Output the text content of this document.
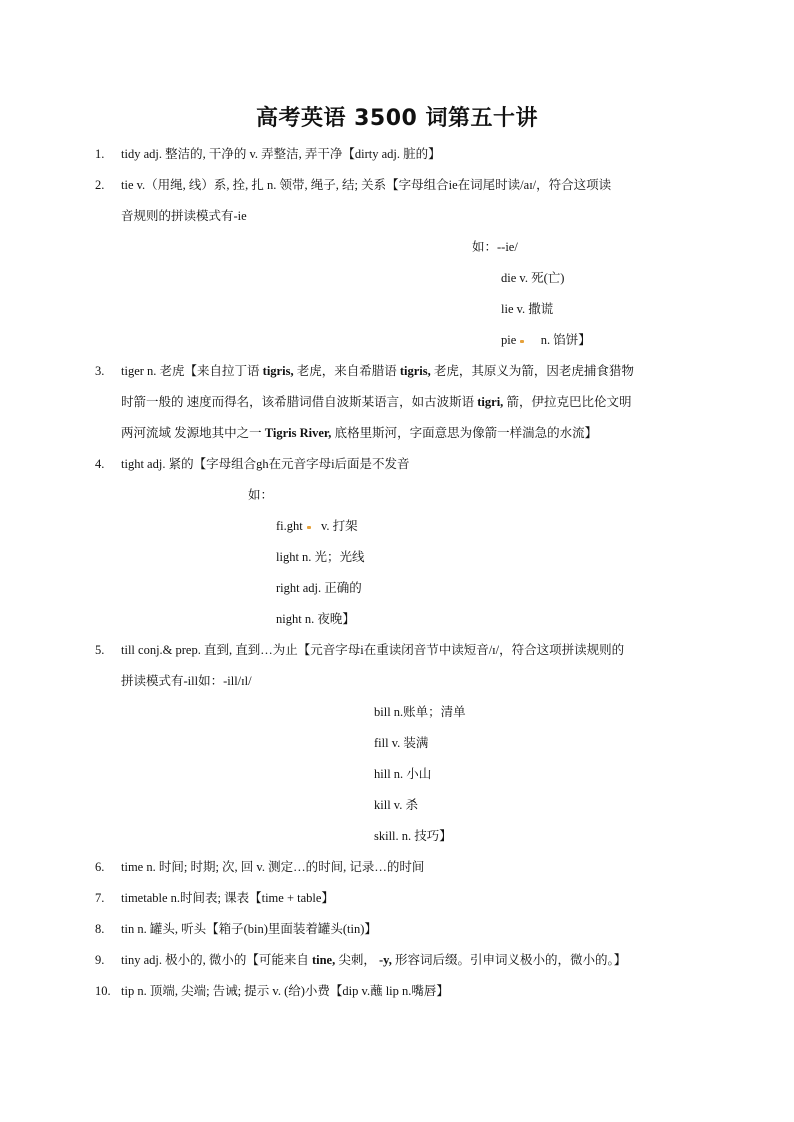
高考英语 3500 词第五十讲
1. tidy adj. 整洁的, 干净的 v. 弄整洁, 弄干净【dirty adj. 脏的】
2. tie v.（用绳, 线）系, 拴, 扎 n. 领带, 绳子, 结; 关系【字母组合ie在词尾时读/aɪ/，符合这项读
音规则的拼读模式有-ie
如：--ie/
die v. 死(亡)
lie v. 撒谎
pie n. 馅饼】
3. tiger n. 老虎【来自拉丁语 tigris, 老虎，来自希腊语 tigris, 老虎，其原义为箭，因老虎捕食猎物
时箭一般的 速度而得名，该希腊词借自波斯某语言，如古波斯语 tigri, 箭，伊拉克巴比伦文明
两河流域 发源地其中之一 Tigris River, 底格里斯河，字面意思为像箭一样湍急的水流】
4. tight adj. 紧的【字母组合gh在元音字母i后面是不发音
如：
fi.ght v. 打架
light n. 光；光线
right adj. 正确的
night n. 夜晚】
5. till conj.& prep. 直到, 直到…为止【元音字母i在重读闭音节中读短音/ɪ/，符合这项拼读规则的
拼读模式有-ill如：-ill/ɪl/
bill n.账单；清单
fill v. 装满
hill n. 小山
kill v. 杀
skill. n. 技巧】
6. time n. 时间; 时期; 次, 回 v. 测定…的时间, 记录…的时间
7. timetable n.时间表; 课表【time + table】
8. tin n. 罐头, 听头【箱子(bin)里面装着罐头(tin)】
9. tiny adj. 极小的, 微小的【可能来自 tine, 尖刺， -y, 形容词后缀。引申词义极小的，微小的。】
10. tip n. 顶端, 尖端; 告诫; 提示 v. (给)小费【dip v.蘸 lip n.嘴唇】
